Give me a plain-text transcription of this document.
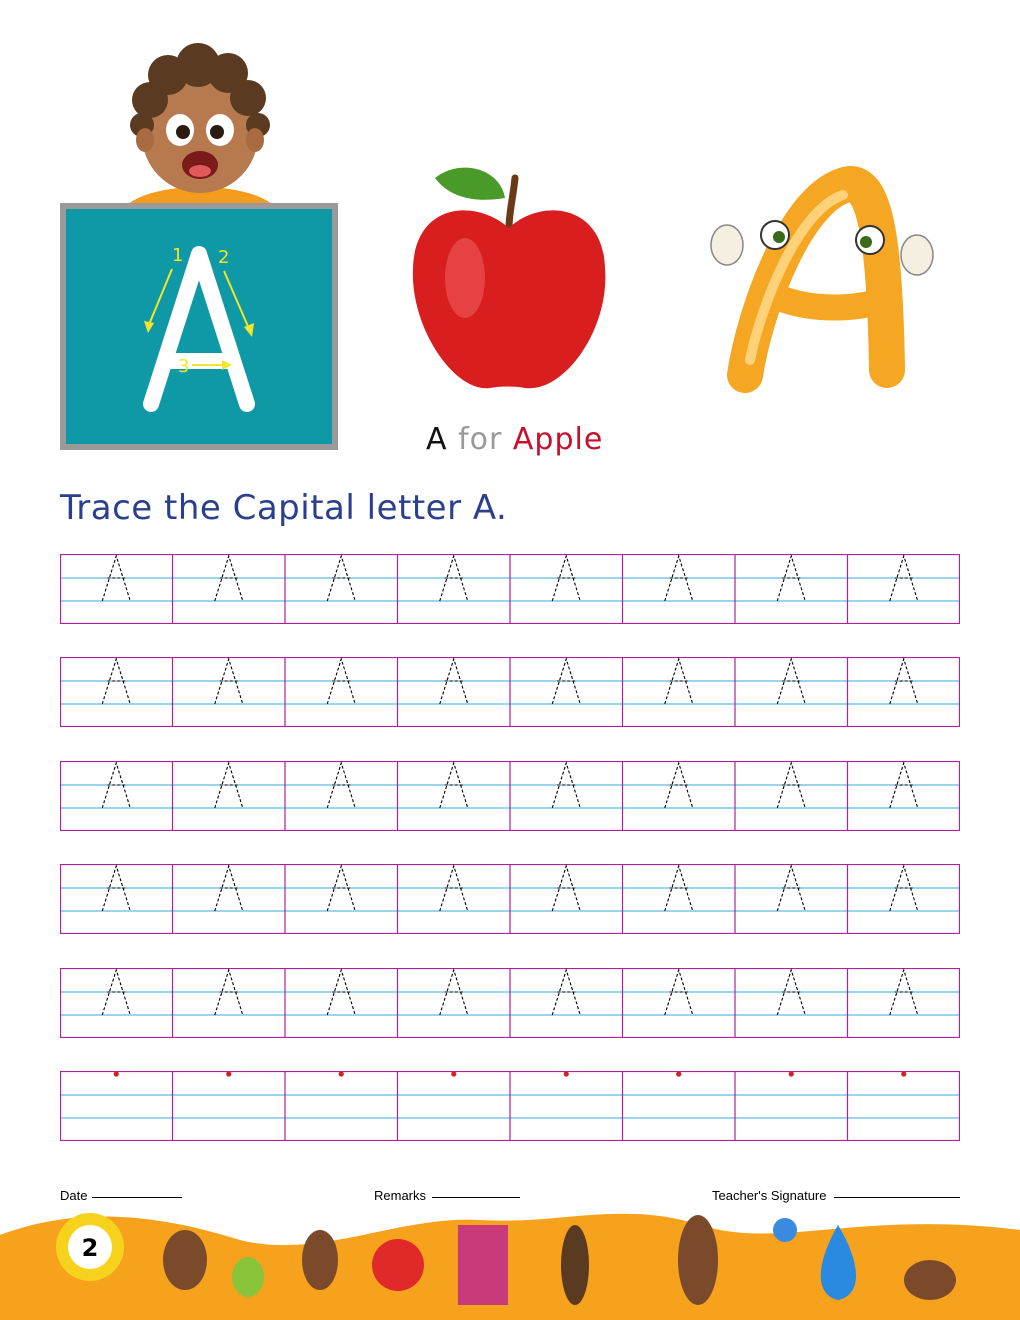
1 2
3
A for Apple
Trace the Capital letter A.
Date	Remarks	Teacher's Signature
2
